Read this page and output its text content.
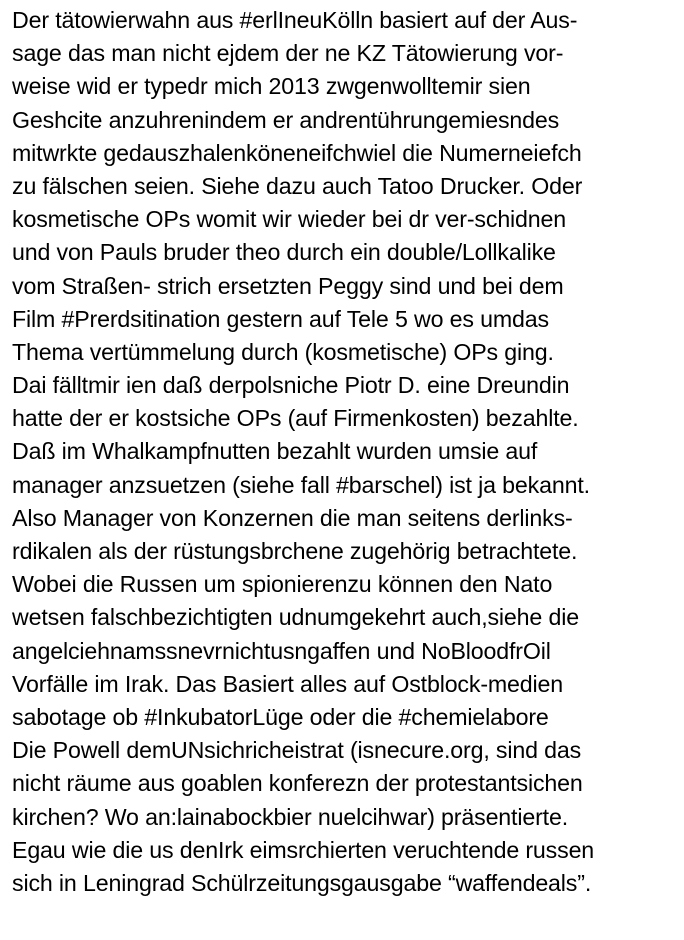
Der tätowierwahn aus #erlIneuKölln basiert auf der Aus-
sage das man nicht ejdem der ne KZ Tätowierung vor-
weise wid er typedr mich 2013 zwgenwolltemir sien
Geshcite anzuhrenindem er andrentührungemiesndes
mitwrkte gedauszhalenköneneifchwiel die Numerneiefch
zu fälschen seien. Siehe dazu auch Tatoo Drucker. Oder
kosmetische OPs womit wir wieder bei dr ver-schidnen
und von Pauls bruder theo durch ein double/Lollkalike
vom Straßen- strich ersetzten Peggy sind und bei dem
Film #Prerdsitination gestern auf Tele 5 wo es umdas
Thema vertümmelung durch (kosmetische) OPs ging.
Dai fälltmir ien daß derpolsniche Piotr D. eine Dreundin
hatte der er kostsiche OPs (auf Firmenkosten) bezahlte.
Daß im Whalkampfnutten bezahlt wurden umsie auf
manager anzsuetzen (siehe fall #barschel) ist ja bekannt.
Also Manager von Konzernen die man seitens derlinks-
rdikalen als der rüstungsbrchene zugehörig betrachtete.
Wobei die Russen um spionierenzu können den Nato
wetsen falschbezichtigten udnumgekehrt auch,siehe die
angelciehnamssnevrnichtusngaffen und NoBloodfrOil
Vorfälle im Irak. Das Basiert alles auf Ostblock-medien
sabotage ob #InkubatorLüge oder die #chemielabore
Die Powell demUNsichricheistrat (isnecure.org, sind das
nicht räume aus goablen konferezn der protestantsichen
kirchen? Wo an:lainabockbier nuelcihwar) präsentierte.
Egau wie die us denIrk eimsrchierten veruchtende russen
sich in Leningrad Schülrzeitungsgausgabe “waffendeals”.
